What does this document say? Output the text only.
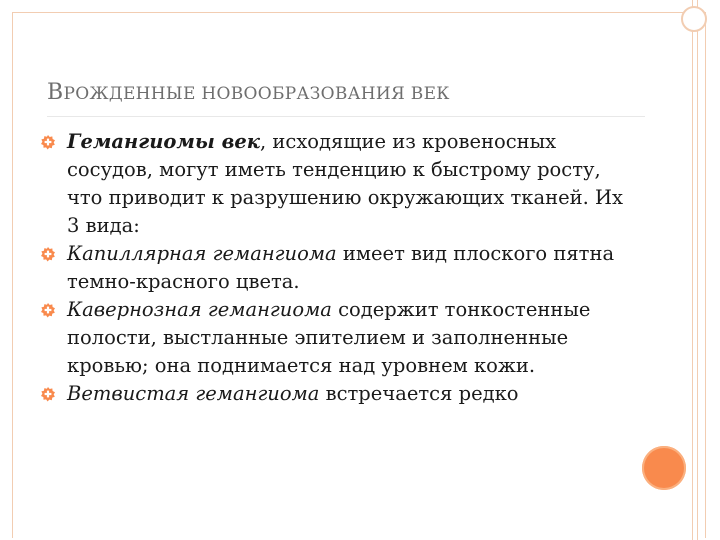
ВРОЖДЕННЫЕ НОВООБРАЗОВАНИЯ ВЕК
Гемангиомы век, исходящие из кровеносных сосудов, могут иметь тенденцию к быстрому росту, что приводит к разрушению окружающих тканей. Их 3 вида:
Капиллярная гемангиома имеет вид плоского пятна темно-красного цвета.
Кавернозная гемангиома содержит тонкостенные полости, выстланные эпителием и заполненные кровью; она поднимается над уровнем кожи.
Ветвистая гемангиома встречается редко
